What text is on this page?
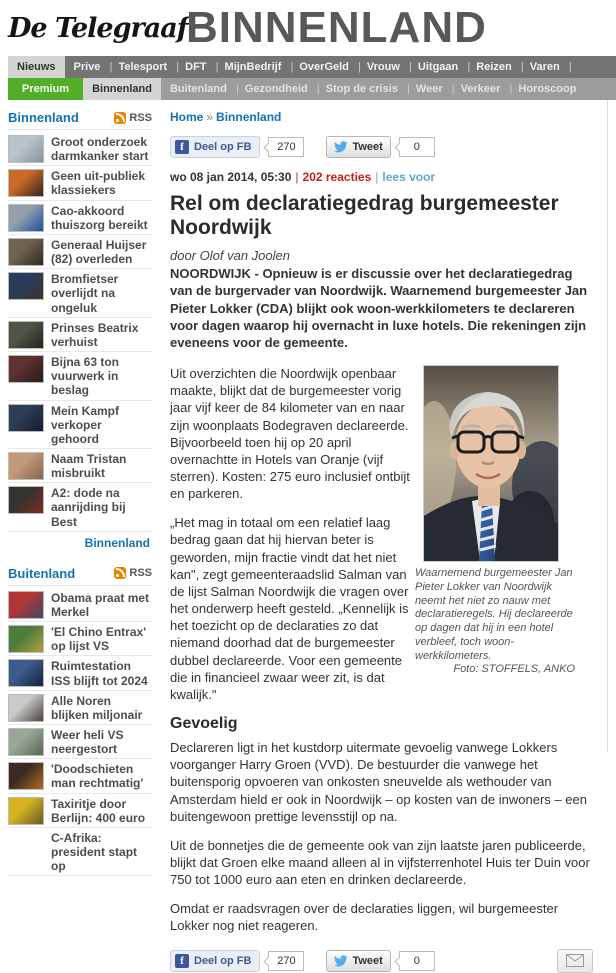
De Telegraaf
BINNENLAND
Nieuws	Prive |	Telesport |	DFT |	MijnBedrijf |	OverGeld |	Vrouw |	Uitgaan |	Reizen |	Varen |
Premium	Binnenland	Buitenland |	Gezondheid |	Stop de crisis |	Weer |	Verkeer |	Horoscoop
Binnenland	RSS
Groot onderzoek darmkanker start
Geen uit-publiek klassiekers
Cao-akkoord thuiszorg bereikt
Generaal Huijser (82) overleden
Bromfietser overlijdt na ongeluk
Prinses Beatrix verhuist
Bijna 63 ton vuurwerk in beslag
Mein Kampf verkoper gehoord
Naam Tristan misbruikt
A2: dode na aanrijding bij Best
Binnenland
Buitenland	RSS
Obama praat met Merkel
'El Chino Entrax' op lijst VS
Ruimtestation ISS blijft tot 2024
Alle Noren blijken miljonair
Weer heli VS neergestort
'Doodschieten man rechtmatig'
Taxiritje door Berlijn: 400 euro
C-Afrika: president stapt op
Home » Binnenland
f Deel op FB	270	Tweet	0
wo 08 jan 2014, 05:30 | 202 reacties | lees voor
Rel om declaratiegedrag burgemeester Noordwijk
door Olof van Joolen

NOORDWIJK - Opnieuw is er discussie over het declaratiegedrag van de burgervader van Noordwijk. Waarnemend burgemeester Jan Pieter Lokker (CDA) blijkt ook woon-werkkilometers te declareren voor dagen waarop hij overnacht in luxe hotels. Die rekeningen zijn eveneens voor de gemeente.

Waarnemend burgemeester Jan Pieter Lokker van Noordwijk neemt het niet zo nauw met declaratieregels. Hij declareerde op dagen dat hij in een hotel verbleef, toch woon-werkkilometers.
Foto: STOFFELS, ANKO

Uit overzichten die Noordwijk openbaar maakte, blijkt dat de burgemeester vorig jaar vijf keer de 84 kilometer van en naar zijn woonplaats Bodegraven declareerde. Bijvoorbeeld toen hij op 20 april overnachtte in Hotels van Oranje (vijf sterren). Kosten: 275 euro inclusief ontbijt en parkeren.

„Het mag in totaal om een relatief laag bedrag gaan dat hij hiervan beter is geworden, mijn fractie vindt dat het niet kan", zegt gemeenteraadslid Salman van de lijst Salman Noordwijk die vragen over het onderwerp heeft gesteld. „Kennelijk is het toezicht op de declaraties zo dat niemand doorhad dat de burgemeester dubbel declareerde. Voor een gemeente die in financieel zwaar weer zit, is dat kwalijk."

Gevoelig

Declareren ligt in het kustdorp uitermate gevoelig vanwege Lokkers voorganger Harry Groen (VVD). De bestuurder die vanwege het buitensporig opvoeren van onkosten sneuvelde als wethouder van Amsterdam hield er ook in Noordwijk – op kosten van de inwoners – een buitengewoon prettige levensstijl op na.

Uit de bonnetjes die de gemeente ook van zijn laatste jaren publiceerde, blijkt dat Groen elke maand alleen al in vijfsterrenhotel Huis ter Duin voor 750 tot 1000 euro aan eten en drinken declareerde.

Omdat er raadsvragen over de declaraties liggen, wil burgemeester Lokker nog niet reageren.

f Deel op FB	270	Tweet	0
